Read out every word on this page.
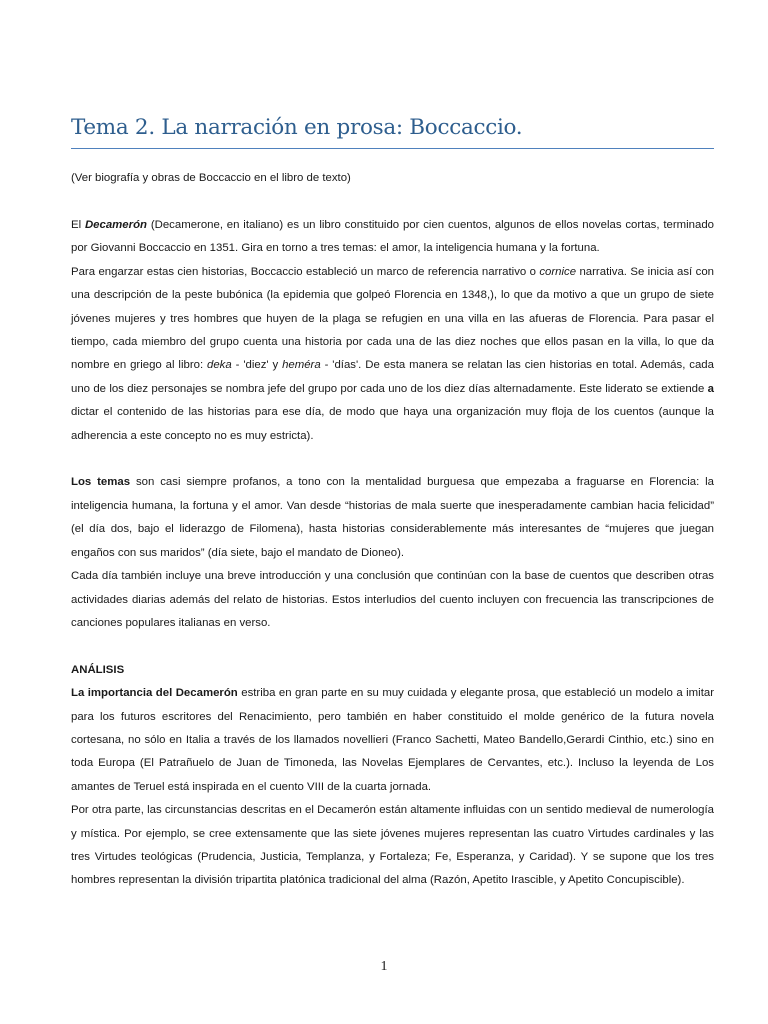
Tema 2. La narración en prosa: Boccaccio.

(Ver biografía y obras de Boccaccio en el libro de texto)

El Decamerón (Decamerone, en italiano) es un libro constituido por cien cuentos, algunos de ellos novelas cortas, terminado por Giovanni Boccaccio en 1351. Gira en torno a tres temas: el amor, la inteligencia humana y la fortuna.

Para engarzar estas cien historias, Boccaccio estableció un marco de referencia narrativo o cornice narrativa. Se inicia así con una descripción de la peste bubónica (la epidemia que golpeó Florencia en 1348,), lo que da motivo a que un grupo de siete jóvenes mujeres y tres hombres que huyen de la plaga se refugien en una villa en las afueras de Florencia. Para pasar el tiempo, cada miembro del grupo cuenta una historia por cada una de las diez noches que ellos pasan en la villa, lo que da nombre en griego al libro: deka - 'diez' y heméra - 'días'. De esta manera se relatan las cien historias en total. Además, cada uno de los diez personajes se nombra jefe del grupo por cada uno de los diez días alternadamente. Este liderato se extiende a dictar el contenido de las historias para ese día, de modo que haya una organización muy floja de los cuentos (aunque la adherencia a este concepto no es muy estricta).

Los temas son casi siempre profanos, a tono con la mentalidad burguesa que empezaba a fraguarse en Florencia: la inteligencia humana, la fortuna y el amor. Van desde “historias de mala suerte que inesperadamente cambian hacia felicidad” (el día dos, bajo el liderazgo de Filomena), hasta historias considerablemente más interesantes de “mujeres que juegan engaños con sus maridos” (día siete, bajo el mandato de Dioneo).

Cada día también incluye una breve introducción y una conclusión que continúan con la base de cuentos que describen otras actividades diarias además del relato de historias. Estos interludios del cuento incluyen con frecuencia las transcripciones de canciones populares italianas en verso.

ANÁLISIS

La importancia del Decamerón estriba en gran parte en su muy cuidada y elegante prosa, que estableció un modelo a imitar para los futuros escritores del Renacimiento, pero también en haber constituido el molde genérico de la futura novela cortesana, no sólo en Italia a través de los llamados novellieri (Franco Sachetti, Mateo Bandello,Gerardi Cinthio, etc.) sino en toda Europa (El Patrañuelo de Juan de Timoneda, las Novelas Ejemplares de Cervantes, etc.). Incluso la leyenda de Los amantes de Teruel está inspirada en el cuento VIII de la cuarta jornada.

Por otra parte, las circunstancias descritas en el Decamerón están altamente influidas con un sentido medieval de numerología y mística. Por ejemplo, se cree extensamente que las siete jóvenes mujeres representan las cuatro Virtudes cardinales y las tres Virtudes teológicas (Prudencia, Justicia, Templanza, y Fortaleza; Fe, Esperanza, y Caridad). Y se supone que los tres hombres representan la división tripartita platónica tradicional del alma (Razón, Apetito Irascible, y Apetito Concupiscible).

1
